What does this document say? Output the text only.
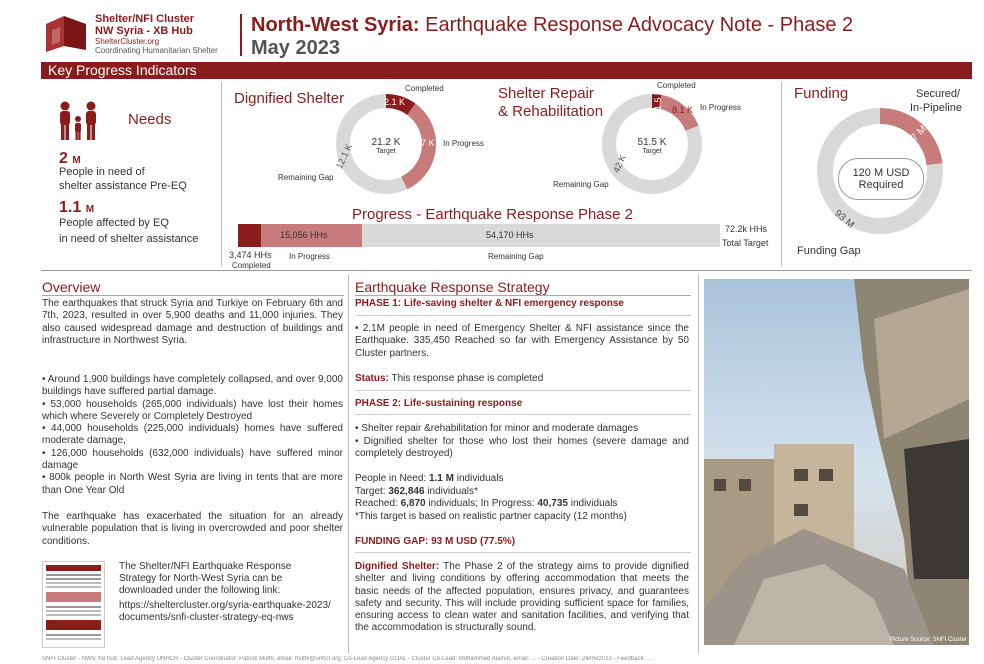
Shelter/NFI Cluster
NW Syria - XB Hub
ShelterCluster.org
Coordinating Humanitarian Shelter
North-West Syria: Earthquake Response Advocacy Note - Phase 2
May 2023
Key Progress Indicators
Needs
2 M
People in need of
shelter assistance Pre-EQ
1.1 M
People affected by EQ
in need of shelter assistance
Dignified Shelter
21.2 K
Target
2.1 K
Completed
7 K In Progress
12.1 K
Remaining Gap
Shelter Repair
& Rehabilitation
51.5 K
Target
Completed
1.5 K 8.1 K In Progress
42 K
Remaining Gap
Funding	Secured/
In-Pipeline
120 M USD
Required
27 M
93 M
Funding Gap
Progress - Earthquake Response Phase 2
15,056 HHs	54,170 HHs
3,474 HHs
Completed
In Progress	Remaining Gap
72.2k HHs
Total Target
Overview
The earthquakes that struck Syria and Turkiye on February 6th and 7th, 2023, resulted in over 5,900 deaths and 11,000 injuries. They also caused widespread damage and destruction of buildings and infrastructure in Northwest Syria.

• Around 1,900 buildings have completely collapsed, and over 9,000 buildings have suffered partial damage.

• 53,000 households (265,000 individuals) have lost their homes which where Severely or Completely Destroyed

• 44,000 households (225,000 individuals) homes have suffered moderate damage,

• 126,000 households (632,000 individuals) have suffered minor damage

• 800k people in North West Syria are living in tents that are more than One Year Old

The earthquake has exacerbated the situation for an already vulnerable population that is living in overcrowded and poor shelter conditions.
The Shelter/NFI Earthquake Response Strategy for North-West Syria can be downloaded under the following link:
https://sheltercluster.org/syria-earthquake-2023/documents/snfi-cluster-strategy-eq-nws
Earthquake Response Strategy
PHASE 1: Life-saving shelter & NFI emergency response
• 2,1M people in need of Emergency Shelter & NFI assistance since the Earthquake. 335,450 Reached so far with Emergency Assistance by 50 Cluster partners.
Status: This response phase is completed
PHASE 2: Life-sustaining response
• Shelter repair &rehabilitation for minor and moderate damages
• Dignified shelter for those who lost their homes (severe damage and completely destroyed)
People in Need: 1.1 M individuals
Target: 362,846 individuals*
Reached: 6,870 individuals; In Progress: 40,735 individuals
*This target is based on realistic partner capacity (12 months)
FUNDING GAP: 93 M USD (77.5%)
Dignified Shelter: The Phase 2 of the strategy aims to provide dignified shelter and living conditions by offering accommodation that meets the basic needs of the affected population, ensures privacy, and guarantees safety and security. This will include providing sufficient space for families, ensuring access to clean water and sanitation facilities, and verifying that the accommodation is structurally sound.
Picture Source: SNFI Cluster
SNFI Cluster - NWS XB hub: Lead Agency UNHCR - Cluster Coordinator: Patrick Muthi, email: muthi@unhcr.org; Co-Lead Agency GOAL - Cluster Co-Lead: Mohammed Alamin, email: ... - Creation Date: 24/05/2023 - Feedback: ...
